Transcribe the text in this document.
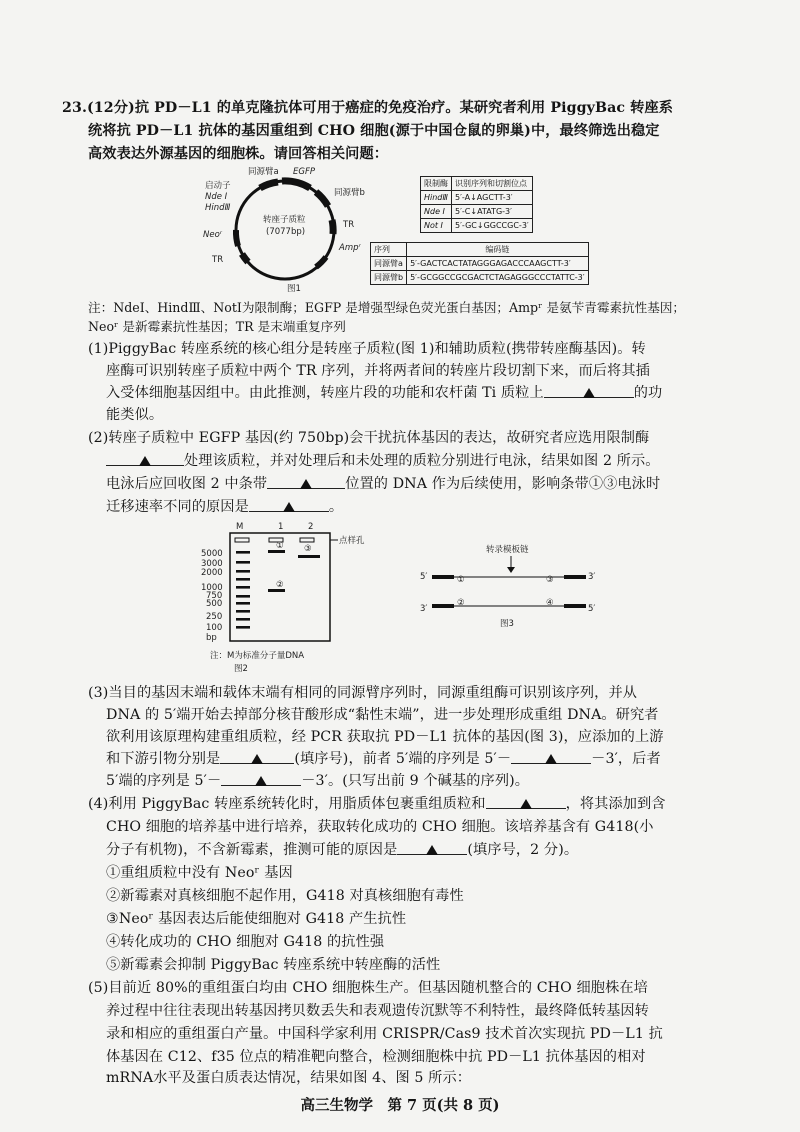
23.(12分)抗 PD－L1 的单克隆抗体可用于癌症的免疫治疗。某研究者利用 PiggyBac 转座系
统将抗 PD－L1 抗体的基因重组到 CHO 细胞(源于中国仓鼠的卵巢)中，最终筛选出稳定
高效表达外源基因的细胞株。请回答相关问题：
同源臂a EGFP
启动子
Nde Ⅰ
HindⅢ
同源臂b
TR
Neoʳ
TR
Ampʳ
转座子质粒
(7077bp)
图1
限制酶	识别序列和切割位点
HindⅢ	5′-A↓AGCTT-3′
Nde Ⅰ	5′-C↓ATATG-3′
Not Ⅰ	5′-GC↓GGCCGC-3′
序列	编码链
同源臂a	5′-GACTCACTATAGGGAGACCCAAGCTT-3′
同源臂b	5′-GCGGCCGCGACTCTAGAGGGCCCTATTC-3′
注：NdeⅠ、HindⅢ、NotⅠ为限制酶；EGFP 是增强型绿色荧光蛋白基因；Ampʳ 是氨苄青霉素抗性基因；
Neoʳ 是新霉素抗性基因；TR 是末端重复序列
(1)PiggyBac 转座系统的核心组分是转座子质粒(图 1)和辅助质粒(携带转座酶基因)。转
座酶可识别转座子质粒中两个 TR 序列，并将两者间的转座片段切割下来，而后将其插
入受体细胞基因组中。由此推测，转座片段的功能和农杆菌 Ti 质粒上	的功
能类似。
(2)转座子质粒中 EGFP 基因(约 750bp)会干扰抗体基因的表达，故研究者应选用限制酶
处理该质粒，并对处理后和未处理的质粒分别进行电泳，结果如图 2 所示。
电泳后应回收图 2 中条带	位置的 DNA 作为后续使用，影响条带①③电泳时
迁移速率不同的原因是	。
M	1	2
点样孔
5000
3000
2000
1000
750
500
250
100
bp
①
②
③
注：M为标准分子量DNA
图2
转录模板链
5′	3′
①	③
3′	5′
②	④
图3
(3)当目的基因末端和载体末端有相同的同源臂序列时，同源重组酶可识别该序列，并从
DNA 的 5′端开始去掉部分核苷酸形成“黏性末端”，进一步处理形成重组 DNA。研究者
欲利用该原理构建重组质粒，经 PCR 获取抗 PD－L1 抗体的基因(图 3)，应添加的上游
和下游引物分别是	(填序号)，前者 5′端的序列是 5′－	－3′，后者
5′端的序列是 5′－	－3′。(只写出前 9 个碱基的序列)。
(4)利用 PiggyBac 转座系统转化时，用脂质体包裹重组质粒和	，将其添加到含
CHO 细胞的培养基中进行培养，获取转化成功的 CHO 细胞。该培养基含有 G418(小
分子有机物)，不含新霉素，推测可能的原因是	(填序号，2 分)。
①重组质粒中没有 Neoʳ 基因
②新霉素对真核细胞不起作用，G418 对真核细胞有毒性
③Neoʳ 基因表达后能使细胞对 G418 产生抗性
④转化成功的 CHO 细胞对 G418 的抗性强
⑤新霉素会抑制 PiggyBac 转座系统中转座酶的活性
(5)目前近 80%的重组蛋白均由 CHO 细胞株生产。但基因随机整合的 CHO 细胞株在培
养过程中往往表现出转基因拷贝数丢失和表观遗传沉默等不利特性，最终降低转基因转
录和相应的重组蛋白产量。中国科学家利用 CRISPR/Cas9 技术首次实现抗 PD－L1 抗
体基因在 C12、f35 位点的精准靶向整合，检测细胞株中抗 PD－L1 抗体基因的相对
高三生物学　第 7 页(共 8 页)
mRNA水平及蛋白质表达情况，结果如图 4、图 5 所示：
